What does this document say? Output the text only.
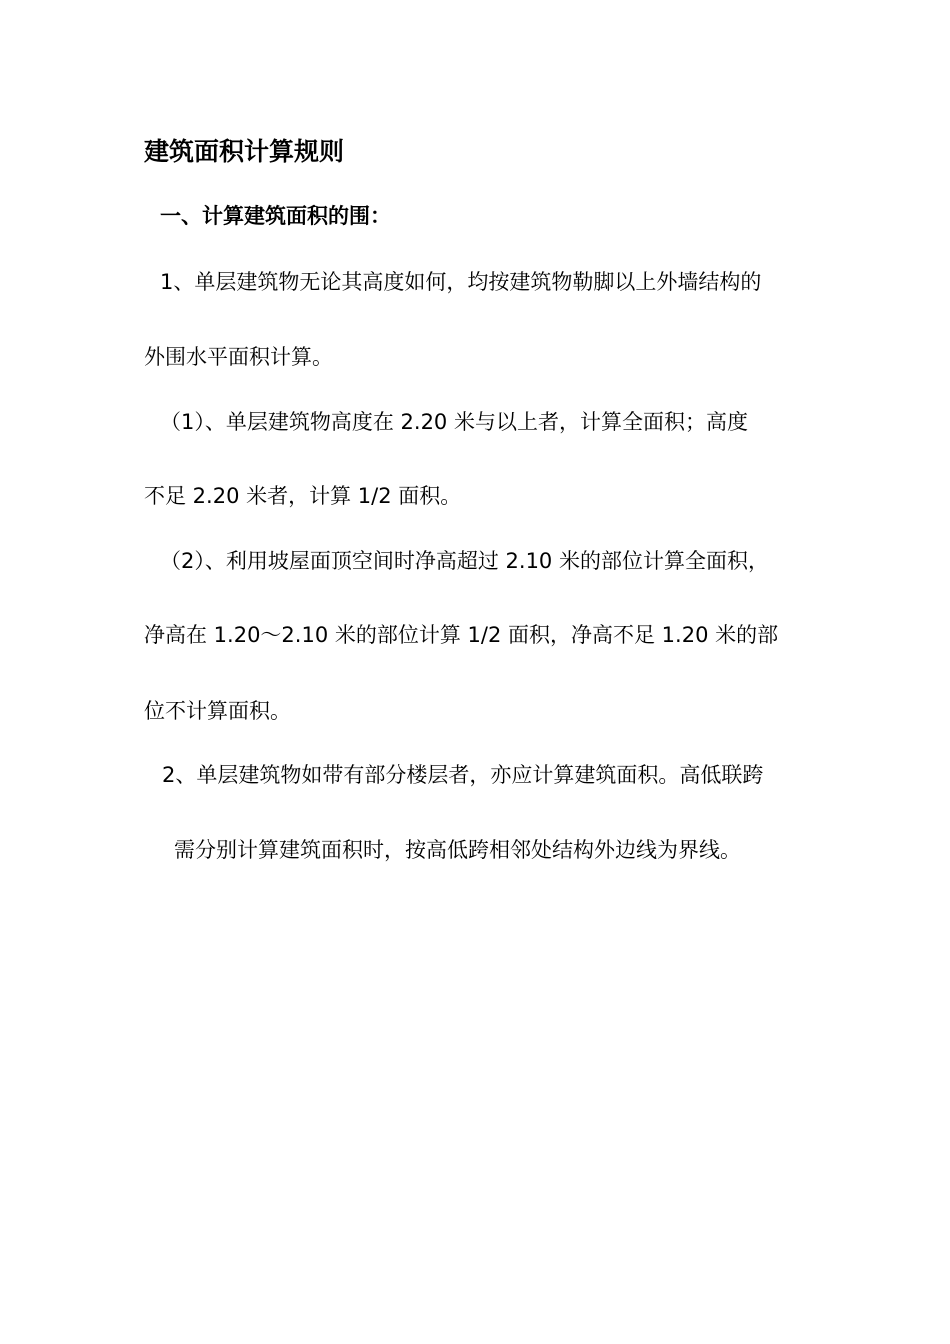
建筑面积计算规则
一、计算建筑面积的围：
1、单层建筑物无论其高度如何，均按建筑物勒脚以上外墙结构的
外围水平面积计算。
（1）、单层建筑物高度在 2.20 米与以上者，计算全面积；高度
不足 2.20 米者，计算 1/2 面积。
（2）、利用坡屋面顶空间时净高超过 2.10 米的部位计算全面积，
净高在 1.20～2.10 米的部位计算 1/2 面积，净高不足 1.20 米的部
位不计算面积。
2、单层建筑物如带有部分楼层者，亦应计算建筑面积。高低联跨
需分别计算建筑面积时，按高低跨相邻处结构外边线为界线。
